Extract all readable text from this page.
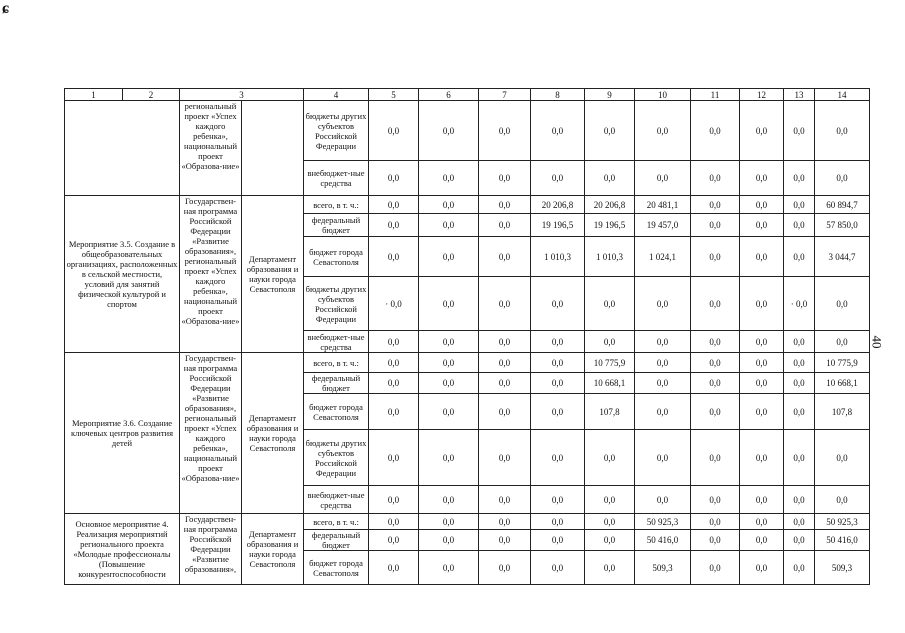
ɕ
40
1	2	3		4	5	6	7	8	9	10	11	12	13	14
		региональный проект «Успех каждого ребенка», национальный проект «Образова-ние»		бюджеты других субъектов Российской Федерации	0,0	0,0	0,0	0,0	0,0	0,0	0,0	0,0	0,0	0,0
				внебюджет-ные средства	0,0	0,0	0,0	0,0	0,0	0,0	0,0	0,0	0,0	0,0
Мероприятие 3.5. Создание в общеобразовательных организациях, расположенных в сельской местности, условий для занятий физической культурой и спортом		Государствен-ная программа Российской Федерации «Развитие образования», региональный проект «Успех каждого ребенка», национальный проект «Образова-ние»	Департамент образования и науки города Севастополя	всего, в т. ч.:	0,0	0,0	0,0	20 206,8	20 206,8	20 481,1	0,0	0,0	0,0	60 894,7
				федеральный бюджет	0,0	0,0	0,0	19 196,5	19 196,5	19 457,0	0,0	0,0	0,0	57 850,0
				бюджет города Севастополя	0,0	0,0	0,0	1 010,3	1 010,3	1 024,1	0,0	0,0	0,0	3 044,7
				бюджеты других субъектов Российской Федерации	· 0,0	0,0	0,0	0,0	0,0	0,0	0,0	0,0	· 0,0	0,0
				внебюджет-ные средства	0,0	0,0	0,0	0,0	0,0	0,0	0,0	0,0	0,0	0,0
Мероприятие 3.6. Создание ключевых центров развития детей		Государствен-ная программа Российской Федерации «Развитие образования», региональный проект «Успех каждого ребенка», национальный проект «Образова-ние»	Департамент образования и науки города Севастополя	всего, в т. ч.:	0,0	0,0	0,0	0,0	10 775,9	0,0	0,0	0,0	0,0	10 775,9
				федеральный бюджет	0,0	0,0	0,0	0,0	10 668,1	0,0	0,0	0,0	0,0	10 668,1
				бюджет города Севастополя	0,0	0,0	0,0	0,0	107,8	0,0	0,0	0,0	0,0	107,8
				бюджеты других субъектов Российской Федерации	0,0	0,0	0,0	0,0	0,0	0,0	0,0	0,0	0,0	0,0
				внебюджет-ные средства	0,0	0,0	0,0	0,0	0,0	0,0	0,0	0,0	0,0	0,0
Основное мероприятие 4. Реализация мероприятий регионального проекта «Молодые профессионалы (Повышение конкурентоспособности		Государствен-ная программа Российской Федерации «Развитие образования»,	Департамент образования и науки города Севастополя	всего, в т. ч.:	0,0	0,0	0,0	0,0	0,0	50 925,3	0,0	0,0	0,0	50 925,3
				федеральный бюджет	0,0	0,0	0,0	0,0	0,0	50 416,0	0,0	0,0	0,0	50 416,0
				бюджет города Севастополя	0,0	0,0	0,0	0,0	0,0	509,3	0,0	0,0	0,0	509,3
